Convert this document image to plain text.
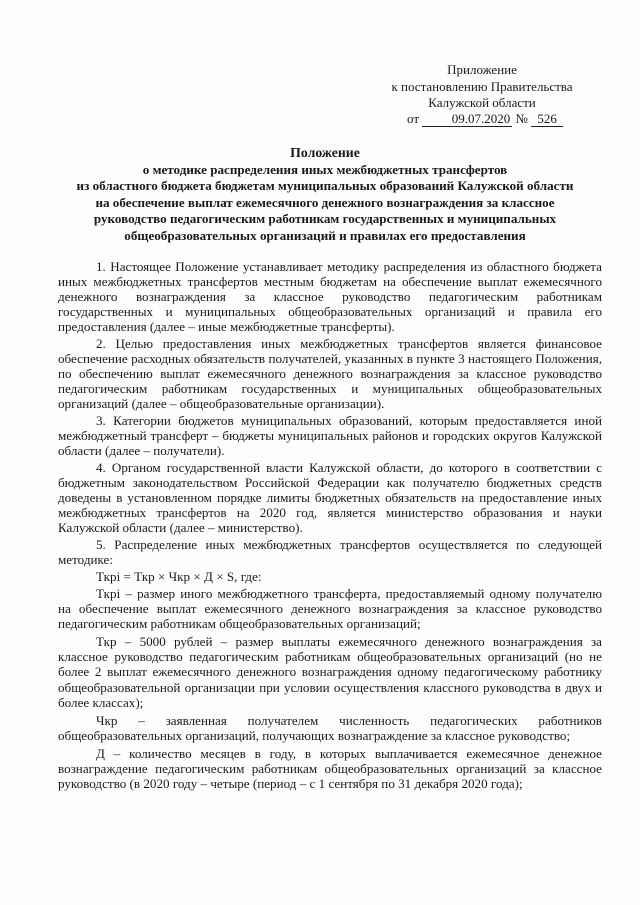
Приложение
к постановлению Правительства
Калужской области
от	09.07.2020 № 526
Положение
о методике распределения иных межбюджетных трансфертов
из областного бюджета бюджетам муниципальных образований Калужской области
на обеспечение выплат ежемесячного денежного вознаграждения за классное
руководство педагогическим работникам государственных и муниципальных
общеобразовательных организаций и правилах его предоставления

1. Настоящее Положение устанавливает методику распределения из областного бюджета иных межбюджетных трансфертов местным бюджетам на обеспечение выплат ежемесячного денежного вознаграждения за классное руководство педагогическим работникам государственных и муниципальных общеобразовательных организаций и правила его предоставления (далее – иные межбюджетные трансферты).

2. Целью предоставления иных межбюджетных трансфертов является финансовое обеспечение расходных обязательств получателей, указанных в пункте 3 настоящего Положения, по обеспечению выплат ежемесячного денежного вознаграждения за классное руководство педагогическим работникам государственных и муниципальных общеобразовательных организаций (далее – общеобразовательные организации).

3. Категории бюджетов муниципальных образований, которым предоставляется иной межбюджетный трансферт – бюджеты муниципальных районов и городских округов Калужской области (далее – получатели).

4. Органом государственной власти Калужской области, до которого в соответствии с бюджетным законодательством Российской Федерации как получателю бюджетных средств доведены в установленном порядке лимиты бюджетных обязательств на предоставление иных межбюджетных трансфертов на 2020 год, является министерство образования и науки Калужской области (далее – министерство).

5. Распределение иных межбюджетных трансфертов осуществляется по следующей методике:

Ткрi = Ткр × Чкр × Д × S, где:

Ткрi – размер иного межбюджетного трансферта, предоставляемый одному получателю на обеспечение выплат ежемесячного денежного вознаграждения за классное руководство педагогическим работникам общеобразовательных организаций;

Ткр – 5000 рублей – размер выплаты ежемесячного денежного вознаграждения за классное руководство педагогическим работникам общеобразовательных организаций (но не более 2 выплат ежемесячного денежного вознаграждения одному педагогическому работнику общеобразовательной организации при условии осуществления классного руководства в двух и более классах);

Чкр – заявленная получателем численность педагогических работников общеобразовательных организаций, получающих вознаграждение за классное руководство;

Д – количество месяцев в году, в которых выплачивается ежемесячное денежное вознаграждение педагогическим работникам общеобразовательных организаций за классное руководство (в 2020 году – четыре (период – с 1 сентября по 31 декабря 2020 года);
